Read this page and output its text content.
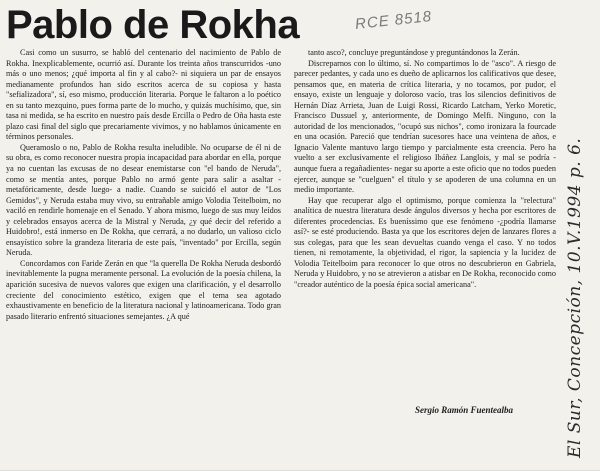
Pablo de Rokha	RCE 8518

Casi como un susurro, se habló del centenario del nacimiento de Pablo de Rokha. Inexplicablemente, ocurrió así. Durante los treinta años transcurridos -uno más o uno menos; ¿qué importa al fin y al cabo?- ni siquiera un par de ensayos medianamente profundos han sido escritos acerca de su copiosa y hasta "sefializadora", sí, eso mismo, producción literaria. Porque le faltaron a lo poético en su tanto mezquino, pues forma parte de lo mucho, y quizás muchísimo, que, sin tasa ni medida, se ha escrito en nuestro país desde Ercilla o Pedro de Oña hasta este plazo casi final del siglo que precariamente vivimos, y no hablamos únicamente en términos personales.

Queramoslo o no, Pablo de Rokha resulta ineludible. No ocuparse de él ni de su obra, es como reconocer nuestra propia incapacidad para abordar en ella, porque ya no cuentan las excusas de no desear enemistarse con "el bando de Neruda", como se mentía antes, porque Pablo no armó gente para salir a asaltar -metafóricamente, desde luego- a nadie. Cuando se suicidó el autor de "Los Gemidos", y Neruda estaba muy vivo, su entrañable amigo Volodia Teitelboim, no vaciló en rendirle homenaje en el Senado. Y ahora mismo, luego de sus muy leídos y celebrados ensayos acerca de la Mistral y Neruda, ¿y qué decir del referido a Huidobro!, está inmerso en De Rokha, que cerrará, a no dudarlo, un valioso ciclo ensayístico sobre la grandeza literaria de este país, "inventado" por Ercilla, según Neruda.

Concordamos con Faride Zerán en que "la querella De Rokha Neruda desbordó inevitablemente la pugna meramente personal. La evolución de la poesía chilena, la aparición sucesiva de nuevos valores que exigen una clarificación, y el desarrollo creciente del conocimiento estético, exigen que el tema sea agotado exhaustivamente en beneficio de la literatura nacional y latinoamericana. Todo gran pasado literario enfrentó situaciones semejantes. ¿A qué

tanto asco?, concluye preguntándose y preguntándonos la Zerán.

Discreparnos con lo último, sí. No compartimos lo de "asco". A riesgo de parecer pedantes, y cada uno es dueño de aplicarnos los calificativos que desee, pensamos que, en materia de crítica literaria, y no tocamos, por pudor, el ensayo, existe un lenguaje y doloroso vacío, tras los silencios definitivos de Hernán Díaz Arrieta, Juan de Luigi Rossi, Ricardo Latcham, Yerko Moretic, Francisco Dussuel y, anteriormente, de Domingo Melfi. Ninguno, con la autoridad de los mencionados, "ocupó sus nichos", como ironizara la fourcade en una ocasión. Pareció que tendrían sucesores hace una veintena de años, e Ignacio Valente mantuvo largo tiempo y parcialmente esta creencia. Pero ha vuelto a ser exclusivamente el religioso Ibáñez Langlois, y mal se podría -aunque fuera a regañadientes- negar su aporte a este oficio que no todos pueden ejercer, aunque se "cuelguen" el título y se apoderen de una columna en un medio importante.

Hay que recuperar algo el optimismo, porque comienza la "relectura" analítica de nuestra literatura desde ángulos diversos y hecha por escritores de diferentes procedencias. Es bueníssimo que ese fenómeno -¿podría llamarse así?- se esté produciendo. Basta ya que los escritores dejen de lanzares flores a sus colegas, para que les sean devueltas cuando venga el caso. Y no todos tienen, ni remotamente, la objetividad, el rigor, la sapiencia y la lucidez de Volodia Teitelboim para reconocer lo que otros no descubrieron en Gabriela, Neruda y Huidobro, y no se atrevieron a atisbar en De Rokha, reconocido como "creador auténtico de la poesía épica social americana".

Sergio Ramón Fuentealba	El Sur, Concepción, 10.V.1994 p. 6.
